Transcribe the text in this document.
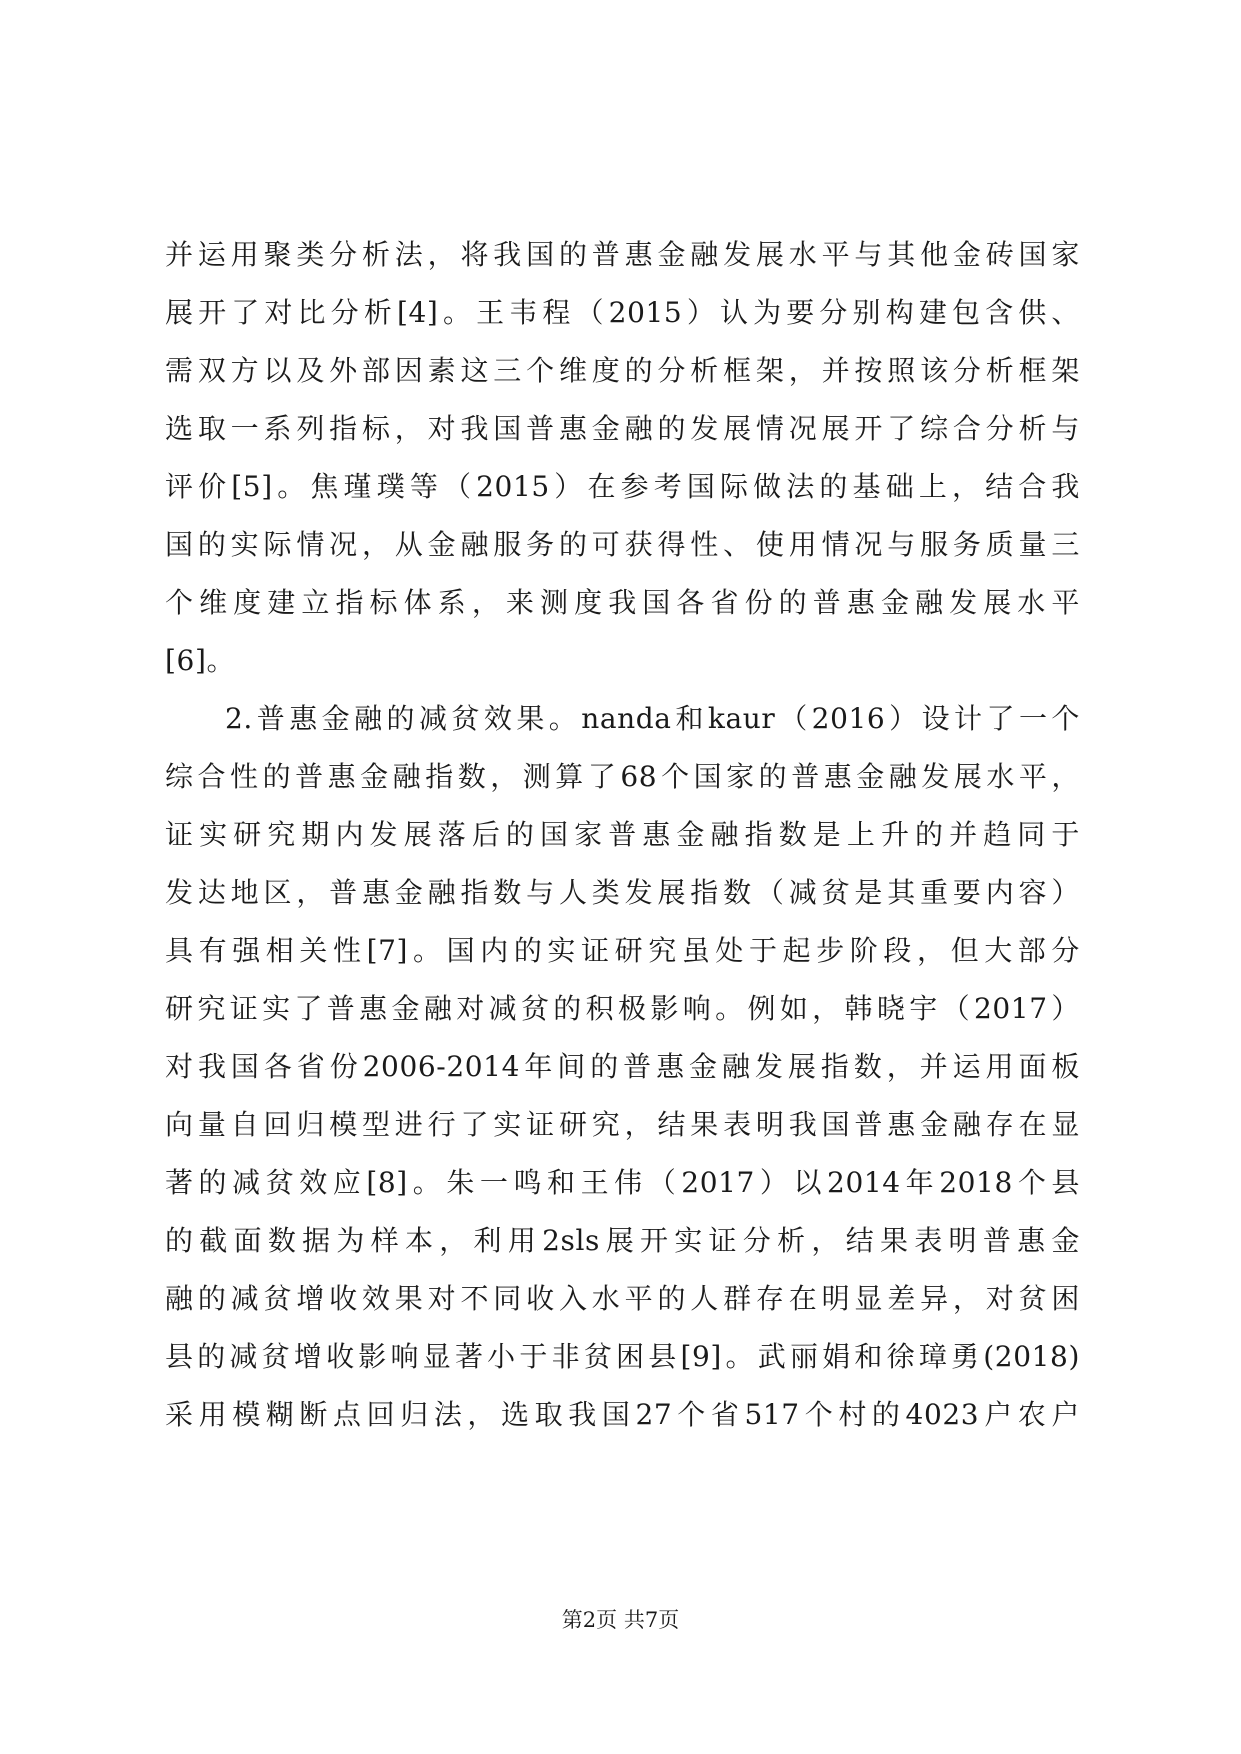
并运用聚类分析法，将我国的普惠金融发展水平与其他金砖国家
展开了对比分析[4]。王韦程（2015）认为要分别构建包含供、
需双方以及外部因素这三个维度的分析框架，并按照该分析框架
选取一系列指标，对我国普惠金融的发展情况展开了综合分析与
评价[5]。焦瑾璞等（2015）在参考国际做法的基础上，结合我
国的实际情况，从金融服务的可获得性、使用情况与服务质量三
个维度建立指标体系，来测度我国各省份的普惠金融发展水平
[6]。
2.普惠金融的减贫效果。nanda和kaur（2016）设计了一个
综合性的普惠金融指数，测算了68个国家的普惠金融发展水平，
证实研究期内发展落后的国家普惠金融指数是上升的并趋同于
发达地区，普惠金融指数与人类发展指数（减贫是其重要内容）
具有强相关性[7]。国内的实证研究虽处于起步阶段，但大部分
研究证实了普惠金融对减贫的积极影响。例如，韩晓宇（2017）
对我国各省份2006-2014年间的普惠金融发展指数，并运用面板
向量自回归模型进行了实证研究，结果表明我国普惠金融存在显
著的减贫效应[8]。朱一鸣和王伟（2017）以2014年2018个县
的截面数据为样本，利用2sls展开实证分析，结果表明普惠金
融的减贫增收效果对不同收入水平的人群存在明显差异，对贫困
县的减贫增收影响显著小于非贫困县[9]。武丽娟和徐璋勇(2018)
采用模糊断点回归法，选取我国27个省517个村的4023户农户
第2页 共7页
